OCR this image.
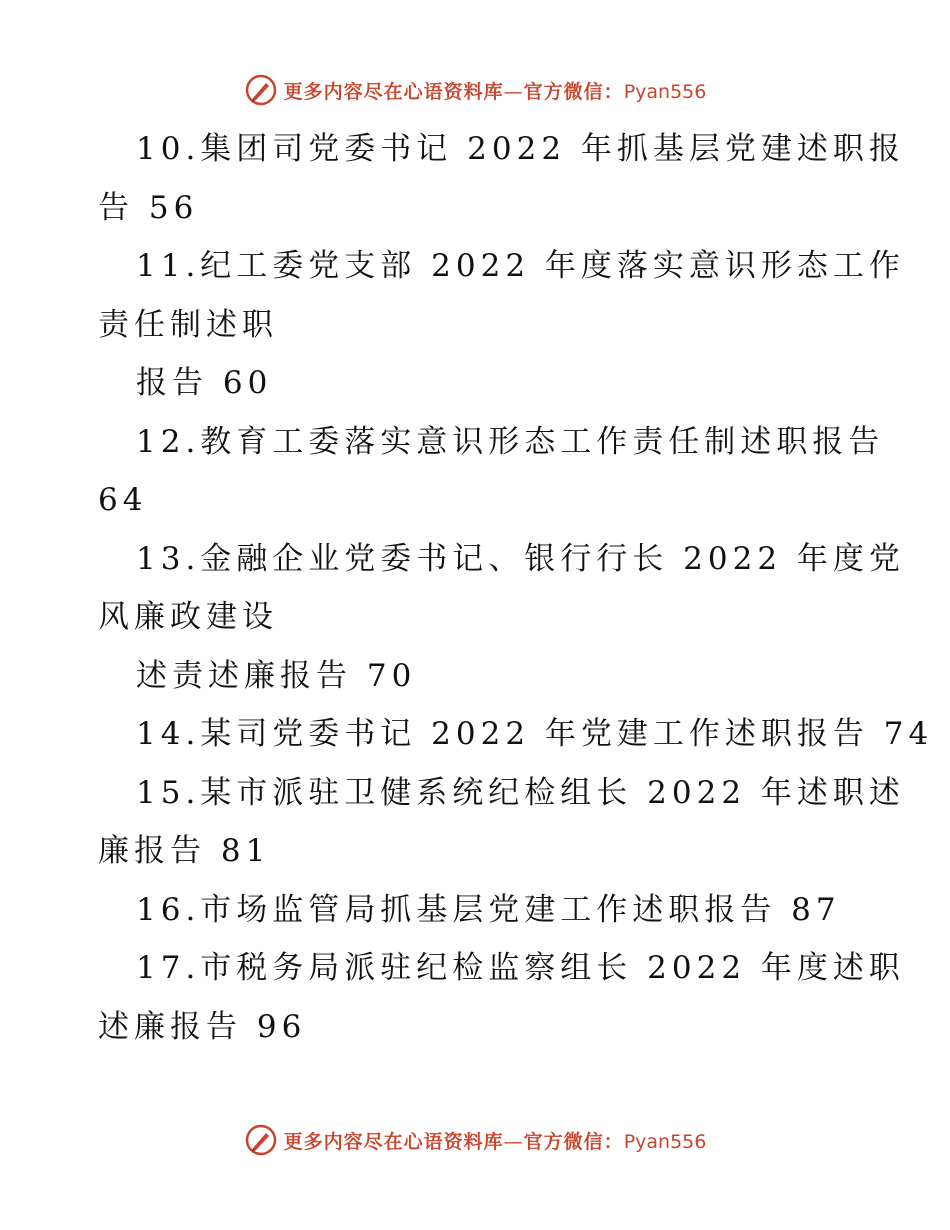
更多内容尽在心语资料库—官方微信：Pyan556
10.集团司党委书记 2022 年抓基层党建述职报
告 56
11.纪工委党支部 2022 年度落实意识形态工作
责任制述职
报告 60
12.教育工委落实意识形态工作责任制述职报告
64
13.金融企业党委书记、银行行长 2022 年度党
风廉政建设
述责述廉报告 70
14.某司党委书记 2022 年党建工作述职报告 74
15.某市派驻卫健系统纪检组长 2022 年述职述
廉报告 81
16.市场监管局抓基层党建工作述职报告 87
17.市税务局派驻纪检监察组长 2022 年度述职
述廉报告 96
更多内容尽在心语资料库—官方微信：Pyan556
